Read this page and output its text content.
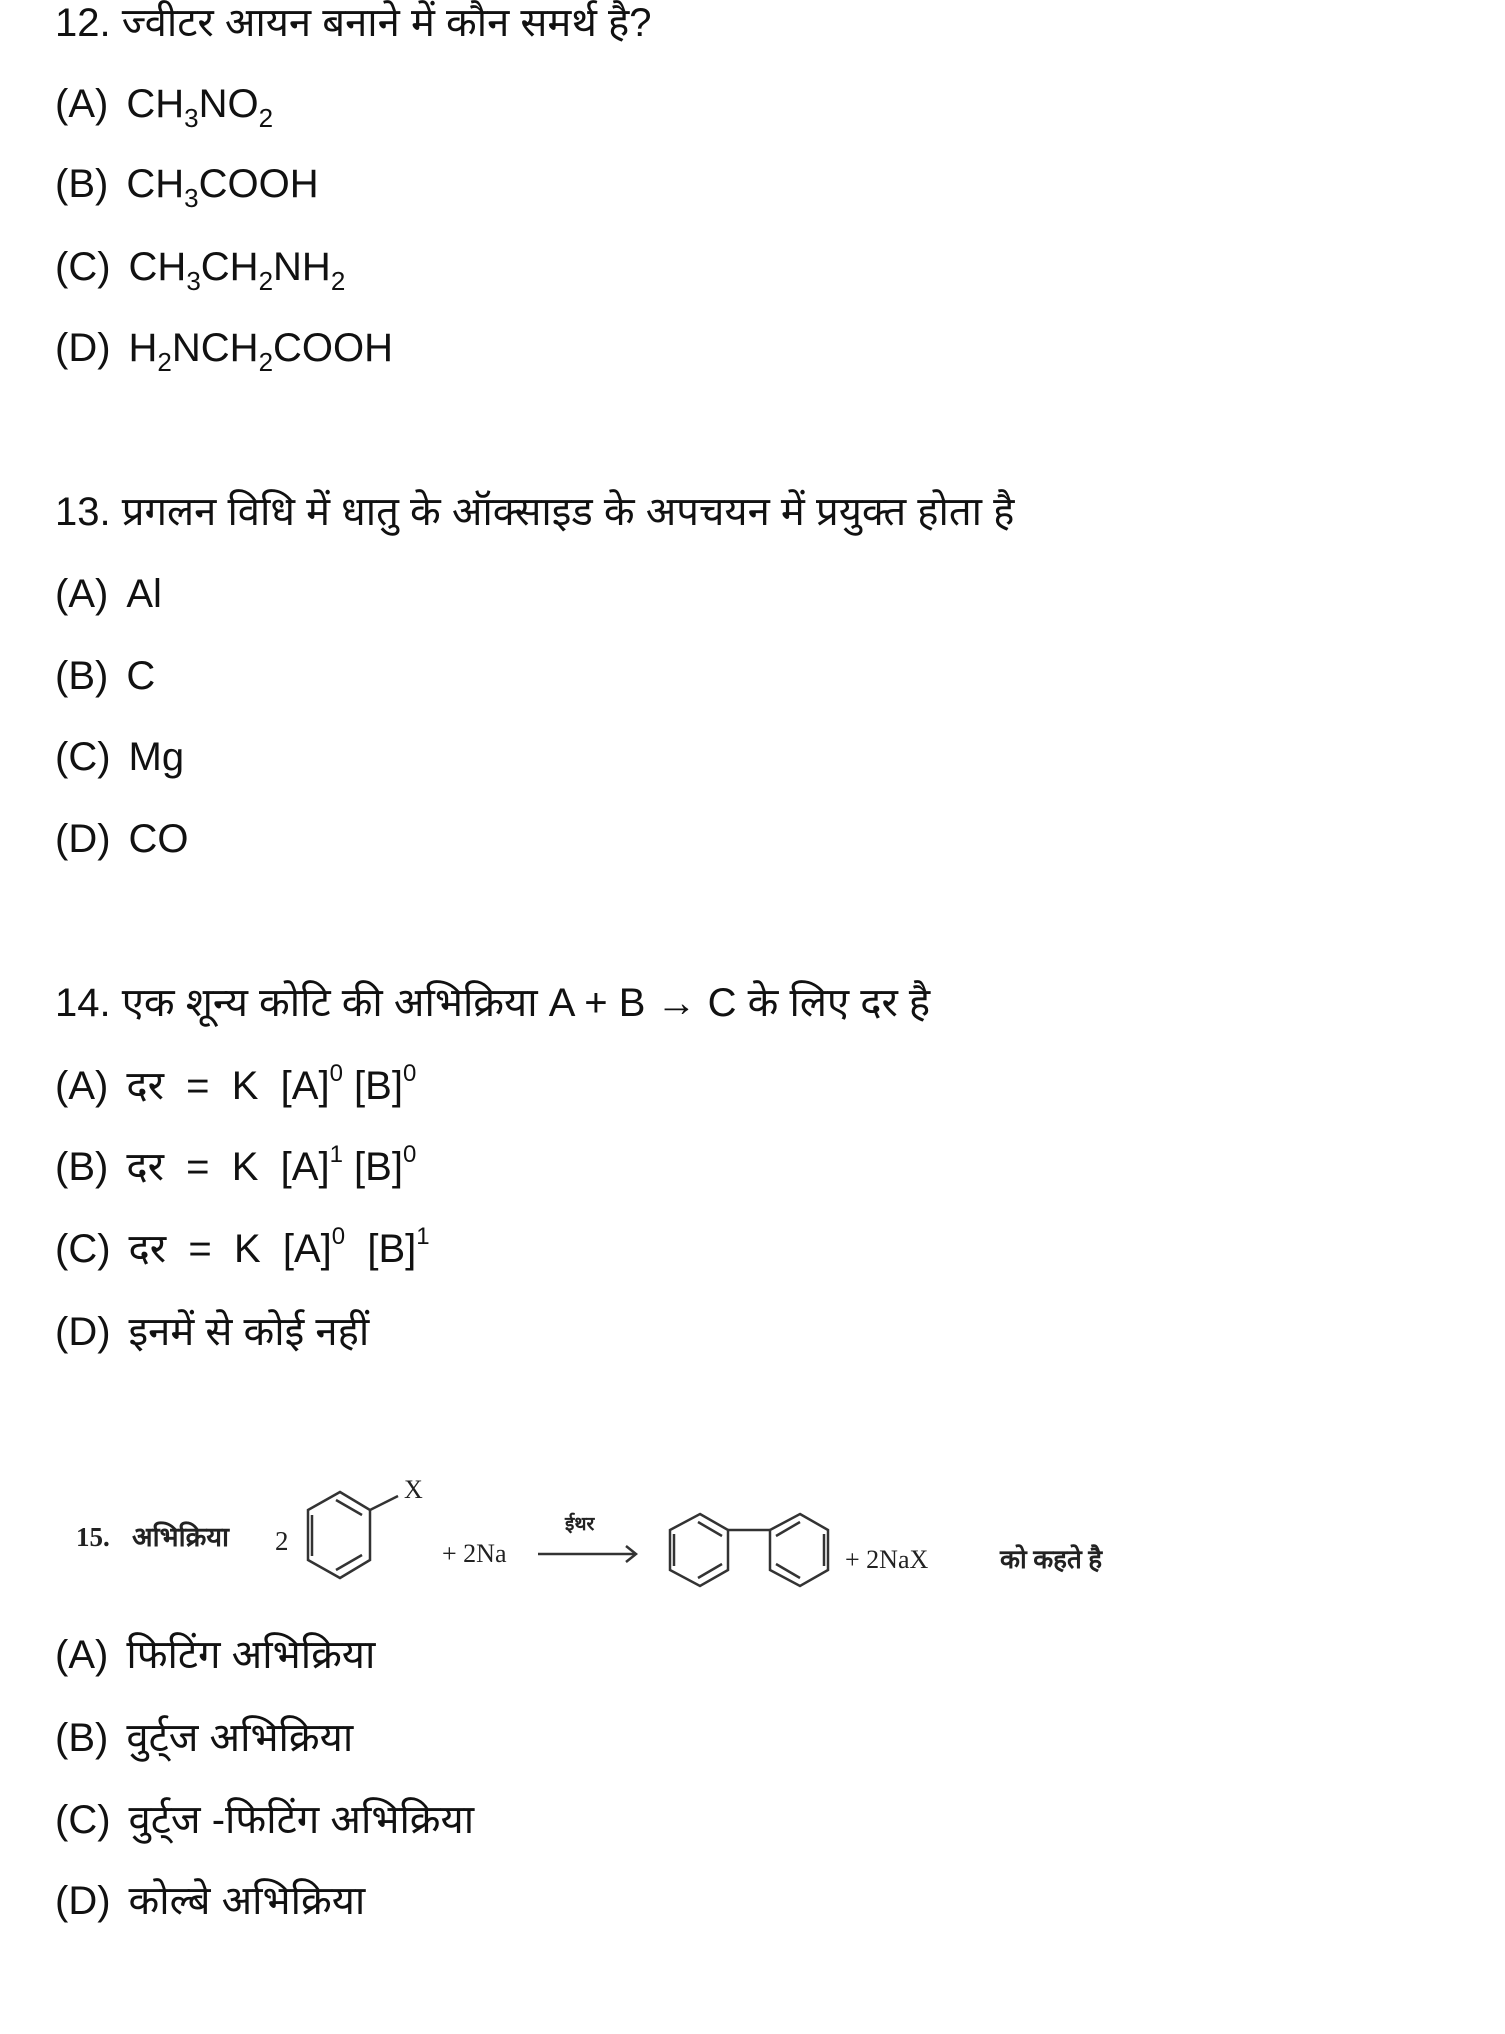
12. ज्वीटर आयन बनाने में कौन समर्थ है?
(A) $CH_3NO_2$
(B) $CH_3COOH$
(C) $CH_3CH_2NH_2$
(D) $H_2NCH_2COOH$
13. प्रगलन विधि में धातु के ऑक्साइड के अपचयन में प्रयुक्त होता है
(A) Al
(B) C
(C) Mg
(D) CO
14. एक शून्य कोटि की अभिक्रिया A + B → C के लिए दर है
(A) दर  =  K  $[A]^0$ $[B]^0$
(B) दर  =  K  $[A]^1$ $[B]^0$
(C) दर  =  K  $[A]^0$  $[B]^1$
(D) इनमें से कोई नहीं
15. अभिक्रिया 2
X
+ 2Na
ईथर
+ 2NaX	को कहते है
(A) फिटिंग अभिक्रिया
(B) वुर्ट्ज अभिक्रिया
(C) वुर्ट्ज -फिटिंग अभिक्रिया
(D) कोल्बे अभिक्रिया
